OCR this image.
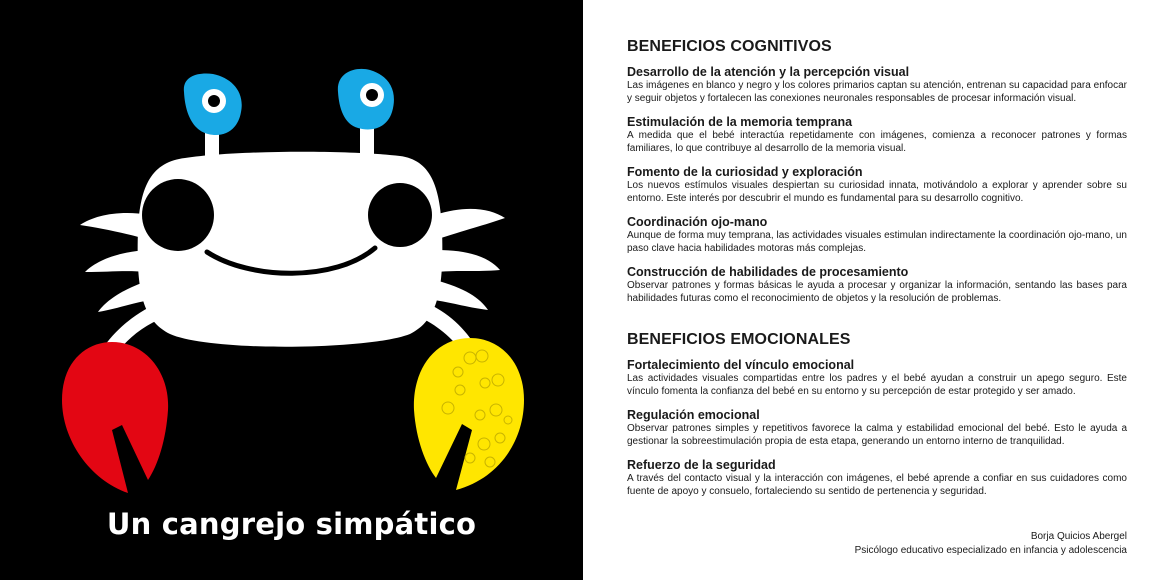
Un cangrejo simpático
BENEFICIOS COGNITIVOS
Desarrollo de la atención y la percepción visual
Las imágenes en blanco y negro y los colores primarios captan su atención, entrenan su capacidad para enfocar y seguir objetos y fortalecen las conexiones neuronales responsables de procesar información visual.
Estimulación de la memoria temprana
A medida que el bebé interactúa repetidamente con imágenes, comienza a reconocer patrones y formas familiares, lo que contribuye al desarrollo de la memoria visual.
Fomento de la curiosidad y exploración
Los nuevos estímulos visuales despiertan su curiosidad innata, motivándolo a explorar y aprender sobre su entorno. Este interés por descubrir el mundo es fundamental para su desarrollo cognitivo.
Coordinación ojo-mano
Aunque de forma muy temprana, las actividades visuales estimulan indirectamente la coordinación ojo-mano, un paso clave hacia habilidades motoras más complejas.
Construcción de habilidades de procesamiento
Observar patrones y formas básicas le ayuda a procesar y organizar la información, sentando las bases para habilidades futuras como el reconocimiento de objetos y la resolución de problemas.
BENEFICIOS EMOCIONALES
Fortalecimiento del vínculo emocional
Las actividades visuales compartidas entre los padres y el bebé ayudan a construir un apego seguro. Este vínculo fomenta la confianza del bebé en su entorno y su percepción de estar protegido y ser amado.
Regulación emocional
Observar patrones simples y repetitivos favorece la calma y estabilidad emocional del bebé. Esto le ayuda a gestionar la sobreestimulación propia de esta etapa, generando un entorno interno de tranquilidad.
Refuerzo de la seguridad
A través del contacto visual y la interacción con imágenes, el bebé aprende a confiar en sus cuidadores como fuente de apoyo y consuelo, fortaleciendo su sentido de pertenencia y seguridad.
Borja Quicios Abergel
Psicólogo educativo especializado en infancia y adolescencia
